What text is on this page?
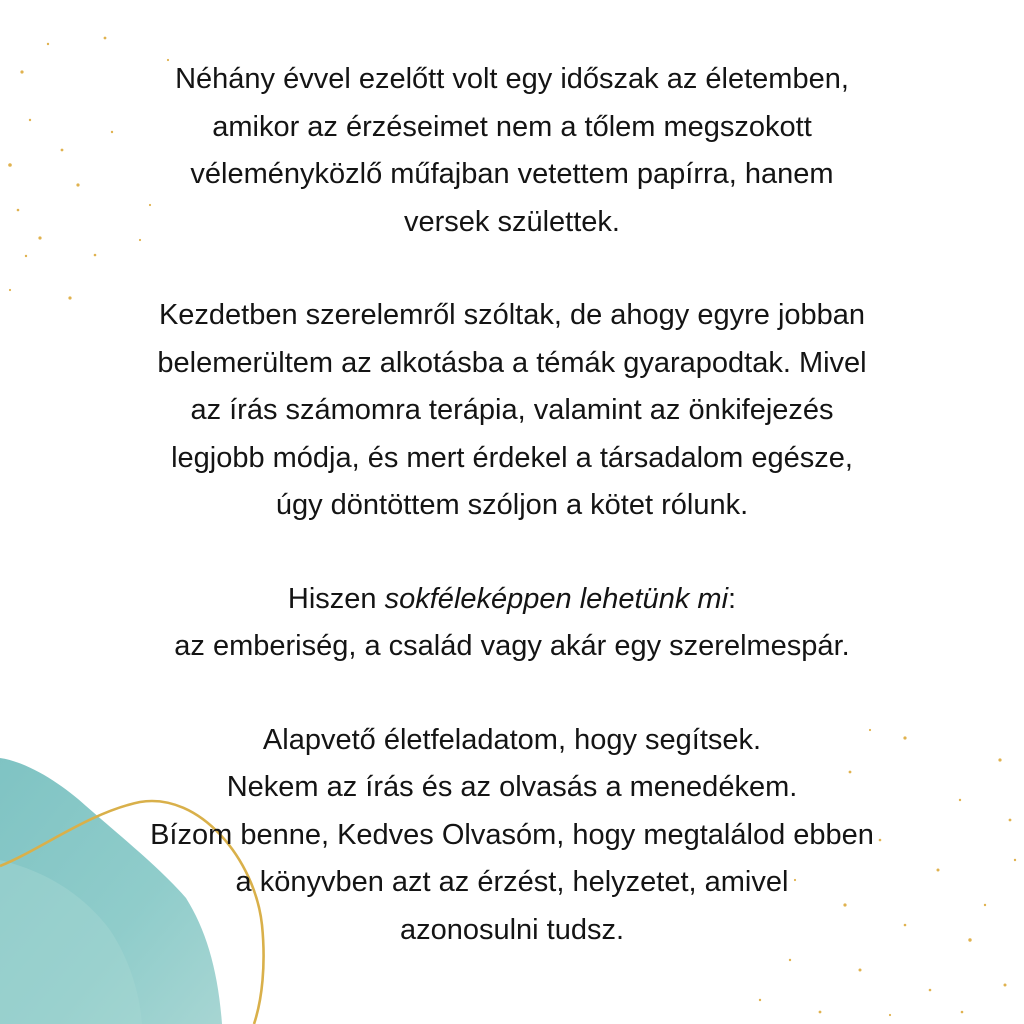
Néhány évvel ezelőtt volt egy időszak az életemben,
amikor az érzéseimet nem a tőlem megszokott
véleményközlő műfajban vetettem papírra, hanem
versek születtek.

Kezdetben szerelemről szóltak, de ahogy egyre jobban
belemerültem az alkotásba a témák gyarapodtak. Mivel
az írás számomra terápia, valamint az önkifejezés
legjobb módja, és mert érdekel a társadalom egésze,
úgy döntöttem szóljon a kötet rólunk.

Hiszen sokféleképpen lehetünk mi:
az emberiség, a család vagy akár egy szerelmespár.

Alapvető életfeladatom, hogy segítsek.
Nekem az írás és az olvasás a menedékem.
Bízom benne, Kedves Olvasóm, hogy megtalálod ebben
a könyvben azt az érzést, helyzetet, amivel
azonosulni tudsz.
